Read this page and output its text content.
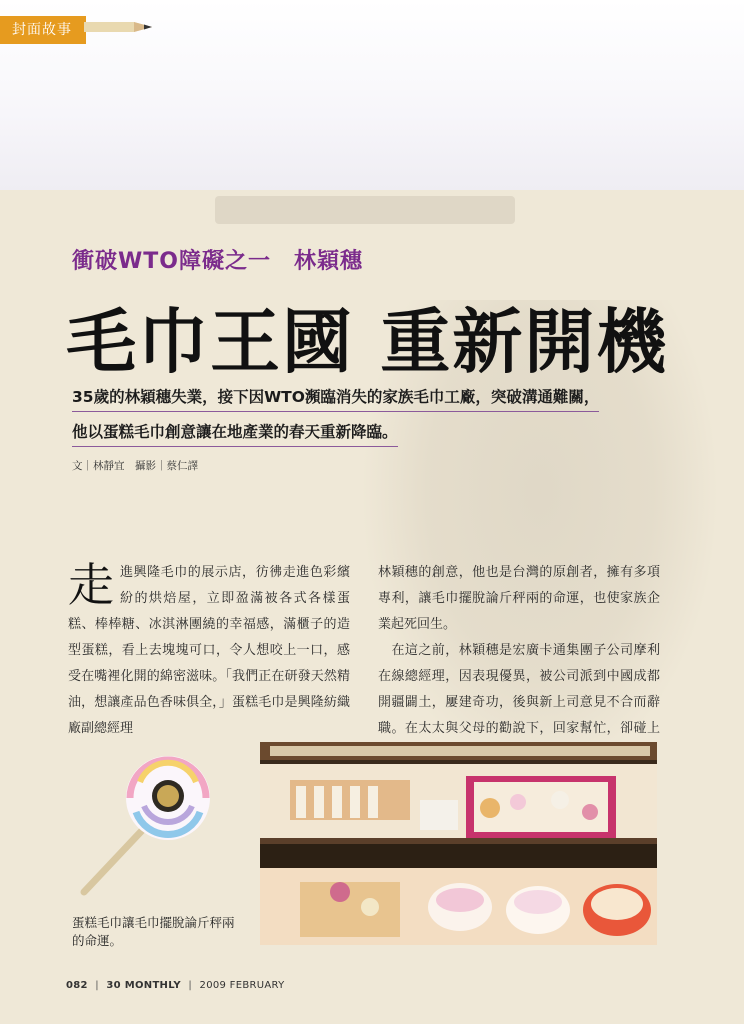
封面故事
衝破WTO障礙之一　林穎穗
毛巾王國 重新開機
35歲的林穎穗失業，接下因WTO瀕臨消失的家族毛巾工廠，突破溝通難關，
他以蛋糕毛巾創意讓在地產業的春天重新降臨。
文｜林靜宜　攝影｜蔡仁譯
走 進興隆毛巾的展示店，彷彿走進色彩繽紛的烘焙屋，立即盈滿被各式各樣蛋糕、棒棒糖、冰淇淋團繞的幸福感，滿櫃子的造型蛋糕，看上去塊塊可口，令人想咬上一口，感受在嘴裡化開的綿密滋味。「我們正在研發天然精油，想讓產品色香味俱全，」蛋糕毛巾是興隆紡織廠副總經理

林穎穗的創意，他也是台灣的原創者，擁有多項專利，讓毛巾擺脫論斤秤兩的命運，也使家族企業起死回生。

　在這之前，林穎穗是宏廣卡通集團子公司摩利在線總經理，因表現優異，被公司派到中國成都開疆闢土，屢建奇功，後與新上司意見不合而辭職。在太太與父母的勸說下，回家幫忙，卻碰上

蛋糕毛巾讓毛巾擺脫論斤秤兩的命運。
082 | 30 MONTHLY | 2009 FEBRUARY
